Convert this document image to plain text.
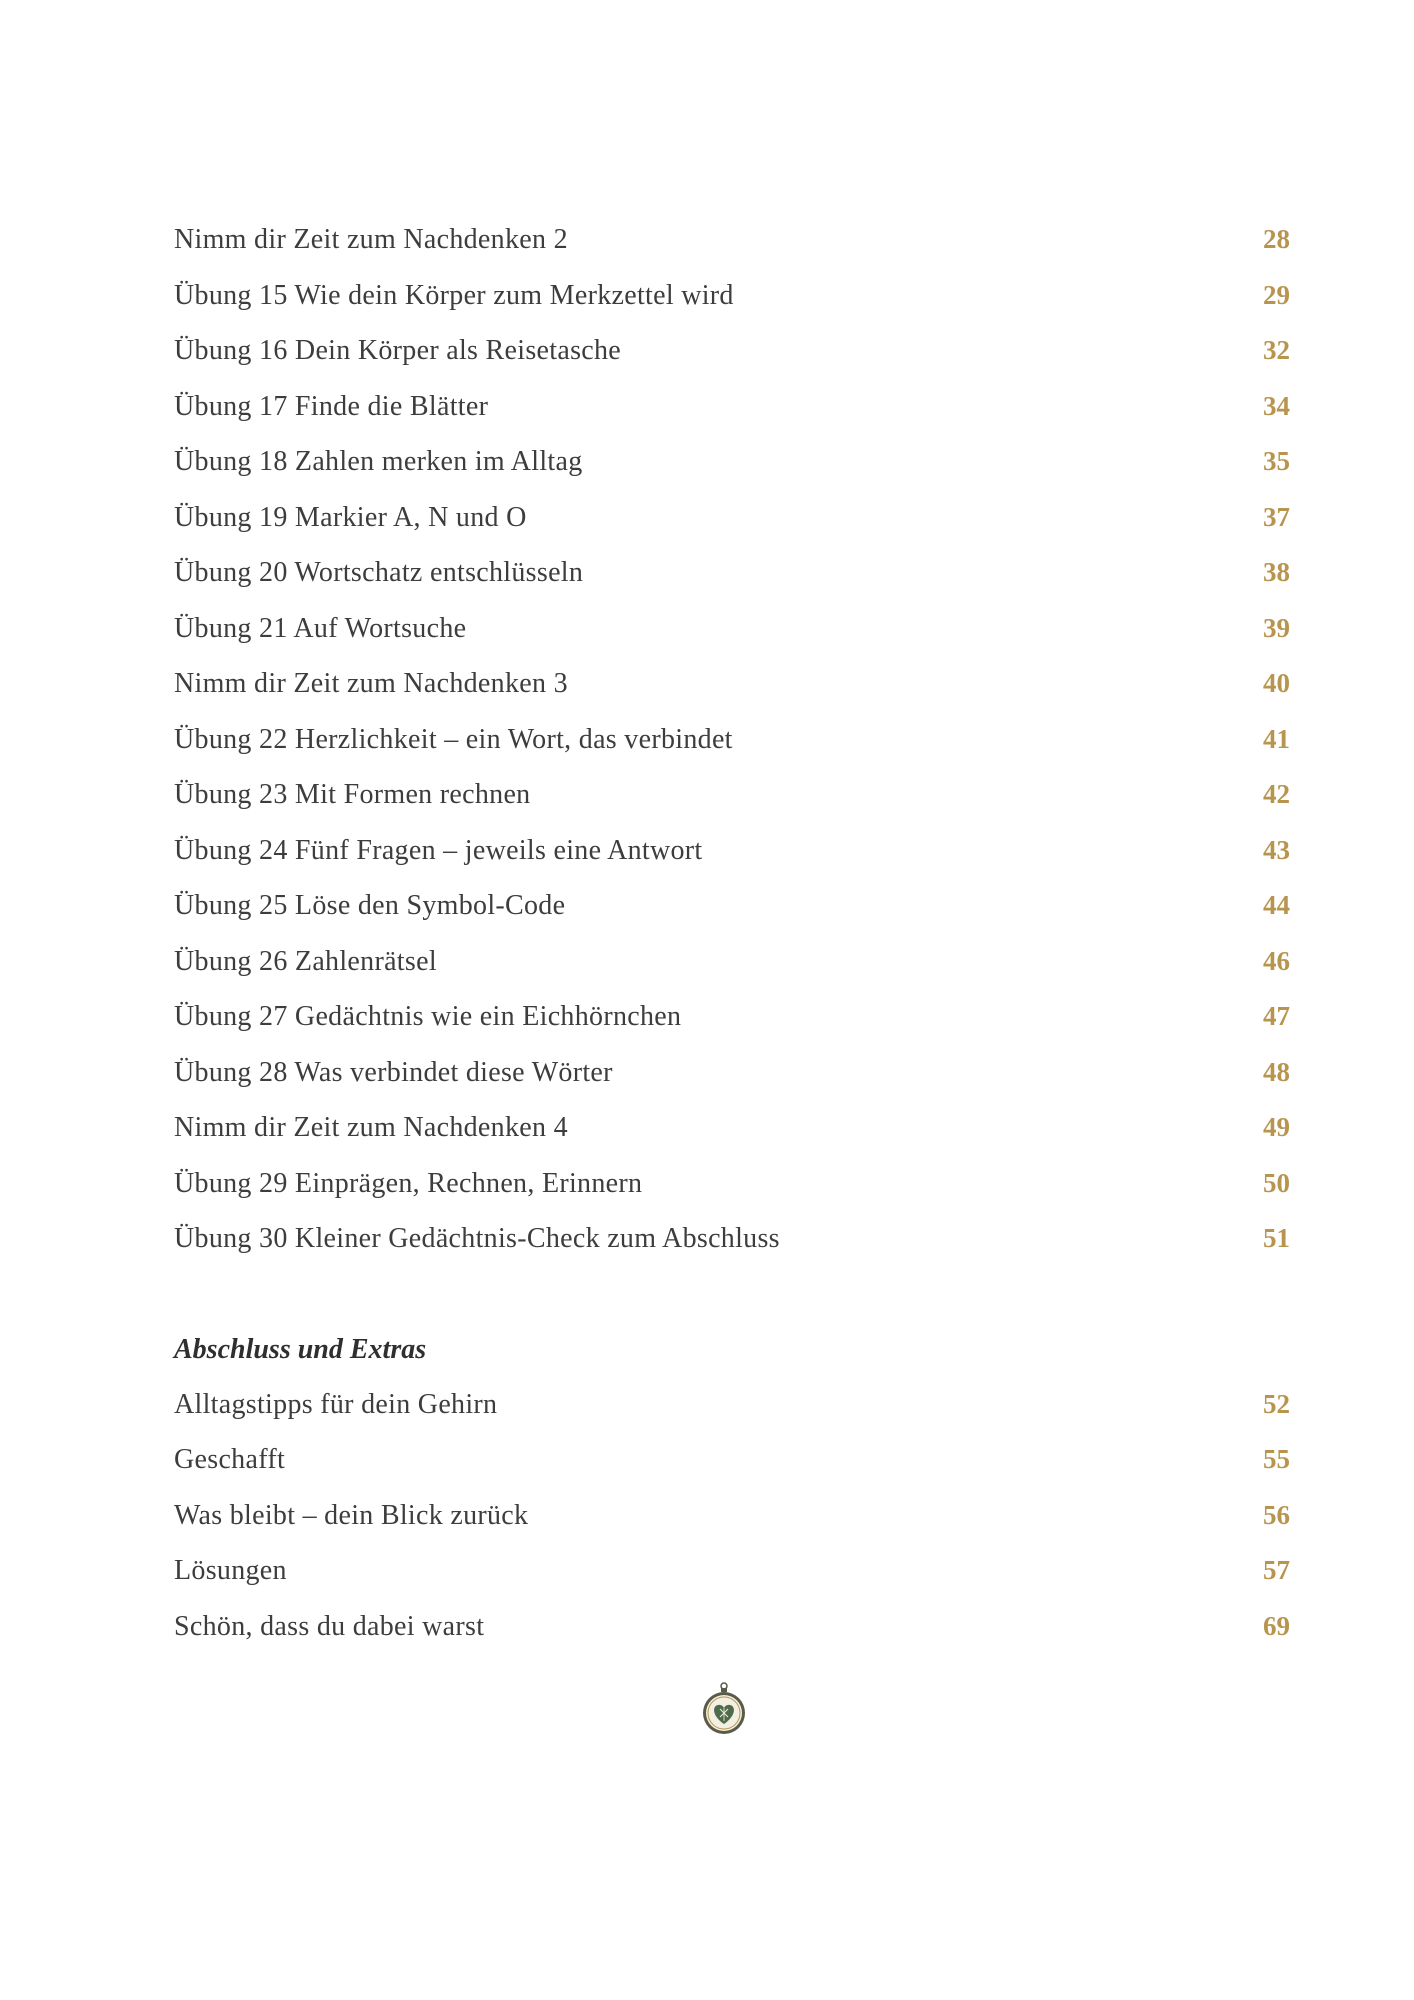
Nimm dir Zeit zum Nachdenken 2	28
Übung 15 Wie dein Körper zum Merkzettel wird	29
Übung 16 Dein Körper als Reisetasche	32
Übung 17 Finde die Blätter	34
Übung 18 Zahlen merken im Alltag	35
Übung 19 Markier A, N und O	37
Übung 20 Wortschatz entschlüsseln	38
Übung 21 Auf Wortsuche	39
Nimm dir Zeit zum Nachdenken 3	40
Übung 22 Herzlichkeit – ein Wort, das verbindet	41
Übung 23 Mit Formen rechnen	42
Übung 24 Fünf Fragen – jeweils eine Antwort	43
Übung 25 Löse den Symbol-Code	44
Übung 26 Zahlenrätsel	46
Übung 27 Gedächtnis wie ein Eichhörnchen	47
Übung 28 Was verbindet diese Wörter	48
Nimm dir Zeit zum Nachdenken 4	49
Übung 29 Einprägen, Rechnen, Erinnern	50
Übung 30 Kleiner Gedächtnis-Check zum Abschluss	51
Abschluss und Extras
Alltagstipps für dein Gehirn	52
Geschafft	55
Was bleibt – dein Blick zurück	56
Lösungen	57
Schön, dass du dabei warst	69
